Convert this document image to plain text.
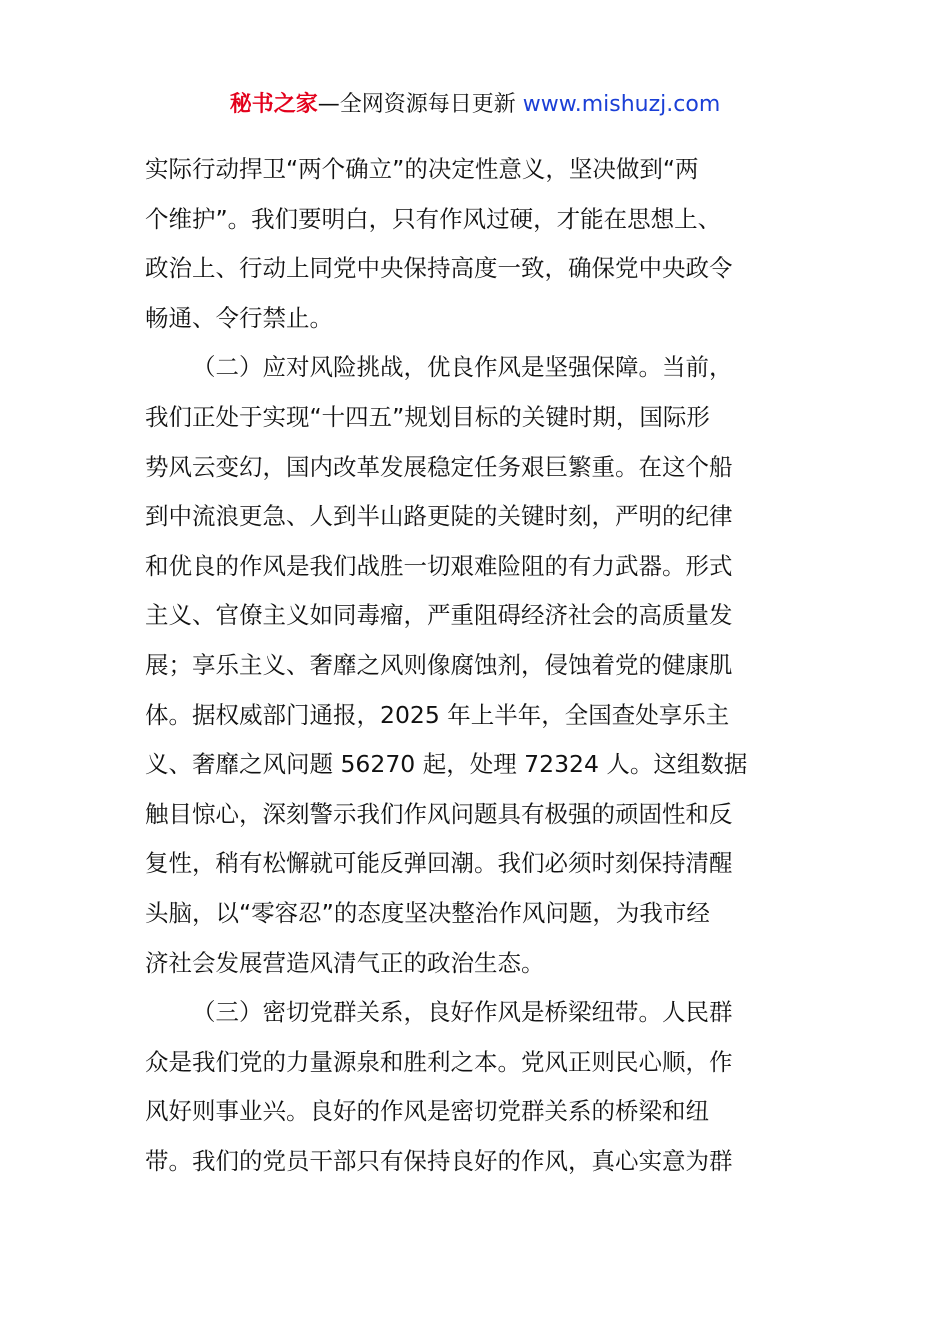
秘书之家—全网资源每日更新 www.mishuzj.com
实际行动捍卫“两个确立”的决定性意义，坚决做到“两
个维护”。我们要明白，只有作风过硬，才能在思想上、
政治上、行动上同党中央保持高度一致，确保党中央政令
畅通、令行禁止。
（二）应对风险挑战，优良作风是坚强保障。当前，
我们正处于实现“十四五”规划目标的关键时期，国际形
势风云变幻，国内改革发展稳定任务艰巨繁重。在这个船
到中流浪更急、人到半山路更陡的关键时刻，严明的纪律
和优良的作风是我们战胜一切艰难险阻的有力武器。形式
主义、官僚主义如同毒瘤，严重阻碍经济社会的高质量发
展；享乐主义、奢靡之风则像腐蚀剂，侵蚀着党的健康肌
体。据权威部门通报，2025 年上半年，全国查处享乐主
义、奢靡之风问题 56270 起，处理 72324 人。这组数据
触目惊心，深刻警示我们作风问题具有极强的顽固性和反
复性，稍有松懈就可能反弹回潮。我们必须时刻保持清醒
头脑，以“零容忍”的态度坚决整治作风问题，为我市经
济社会发展营造风清气正的政治生态。
（三）密切党群关系，良好作风是桥梁纽带。人民群
众是我们党的力量源泉和胜利之本。党风正则民心顺，作
风好则事业兴。良好的作风是密切党群关系的桥梁和纽
带。我们的党员干部只有保持良好的作风，真心实意为群
